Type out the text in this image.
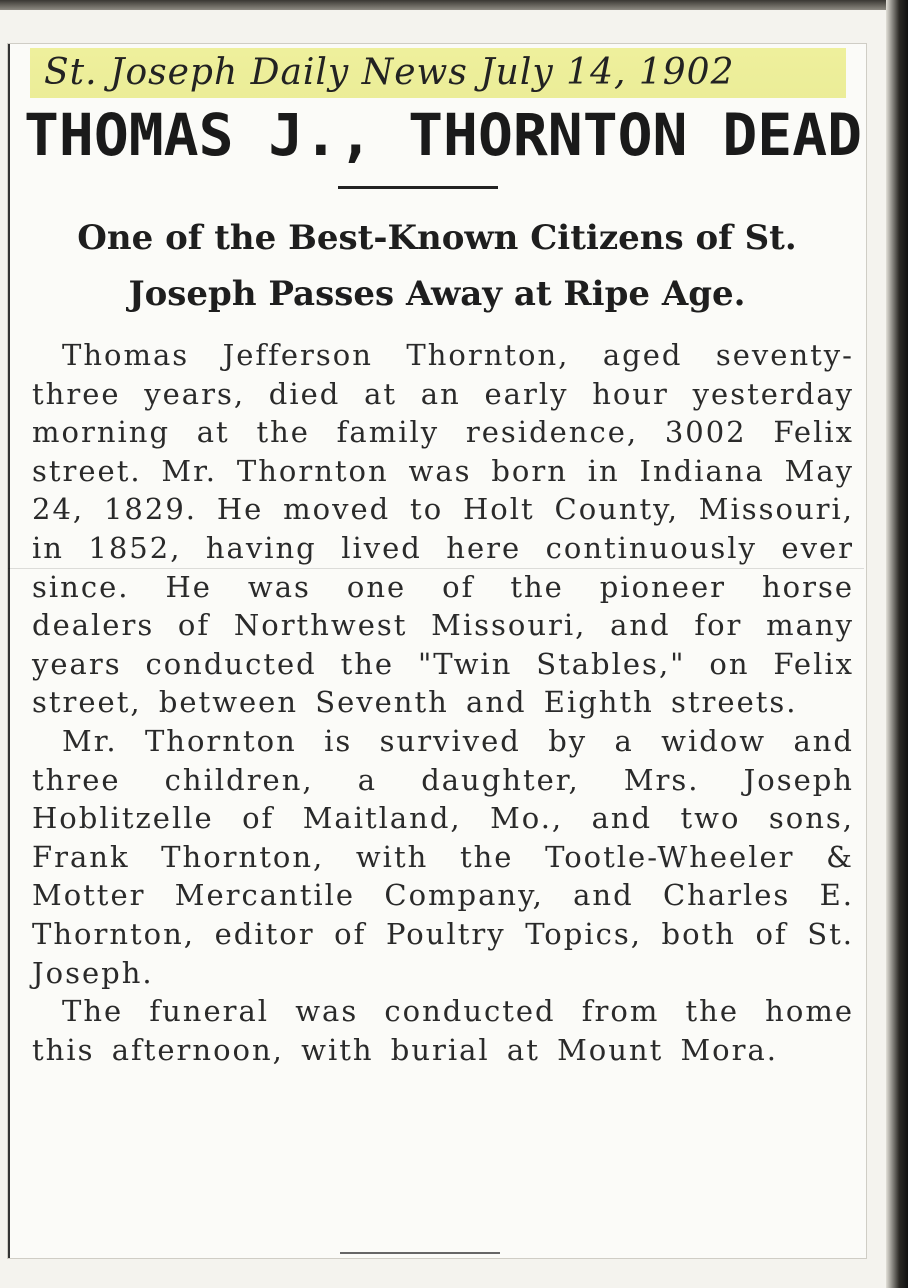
St. Joseph Daily News July 14, 1902
THOMAS J., THORNTON DEAD
One of the Best-Known Citizens of St. Joseph Passes Away at Ripe Age.

Thomas Jefferson Thornton, aged seventy-three years, died at an early hour yesterday morning at the family residence, 3002 Felix street. Mr. Thornton was born in Indiana May 24, 1829. He moved to Holt County, Missouri, in 1852, having lived here continuously ever since. He was one of the pioneer horse dealers of Northwest Missouri, and for many years conducted the "Twin Stables," on Felix street, between Seventh and Eighth streets.

Mr. Thornton is survived by a widow and three children, a daughter, Mrs. Joseph Hoblitzelle of Maitland, Mo., and two sons, Frank Thornton, with the Tootle-Wheeler & Motter Mercantile Company, and Charles E. Thornton, editor of Poultry Topics, both of St. Joseph.

The funeral was conducted from the home this afternoon, with burial at Mount Mora.
